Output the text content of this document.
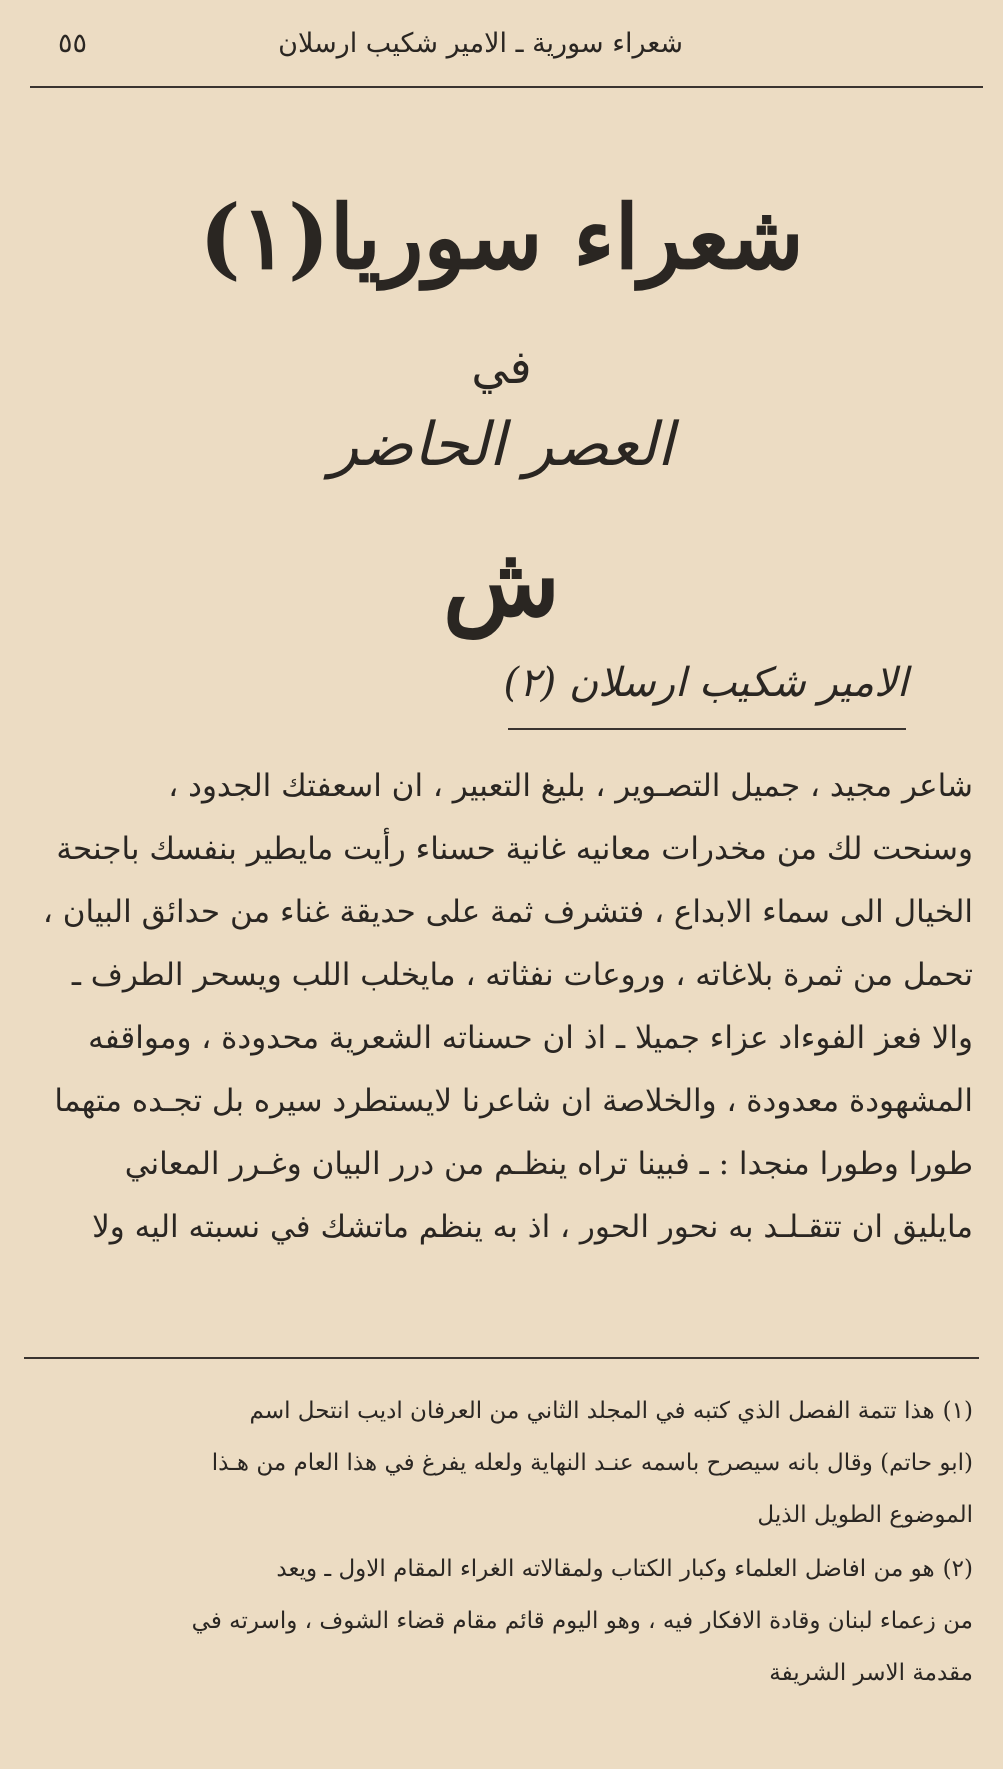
شعراء سورية ـ الامير شكيب ارسلان
٥٥
شعراء سوريا(١)
في
العصر الحاضر
ش
الامير شكيب ارسلان (٢)

شاعر مجيد ، جميل التصـوير ، بليغ التعبير ، ان اسعفتك الجدود ،

وسنحت لك من مخدرات معانيه غانية حسناء رأيت مايطير بنفسك باجنحة

الخيال الى سماء الابداع ، فتشرف ثمة على حديقة غناء من حدائق البيان ،

تحمل من ثمرة بلاغاته ، وروعات نفثاته ، مايخلب اللب ويسحر الطرف ـ

والا فعز الفوءاد عزاء جميلا ـ اذ ان حسناته الشعرية محدودة ، ومواقفه

المشهودة معدودة ، والخلاصة ان شاعرنا لايستطرد سيره بل تجـده متهما

طورا وطورا منجدا : ـ فبينا تراه ينظـم من درر البيان وغـرر المعاني

مايليق ان تتقـلـد به نحور الحور ، اذ به ينظم ماتشك في نسبته اليه ولا

(١)هذا تتمة الفصل الذي كتبه في المجلد الثاني من العرفان اديب انتحل اسم
(ابو حاتم) وقال بانه سيصرح باسمه عنـد النهاية ولعله يفرغ في هذا العام من هـذا
الموضوع الطويل الذيل

(٢)هو من افاضل العلماء وكبار الكتاب ولمقالاته الغراء المقام الاول ـ ويعد
من زعماء لبنان وقادة الافكار فيه ، وهو اليوم قائم مقام قضاء الشوف ، واسرته في
مقدمة الاسر الشريفة
